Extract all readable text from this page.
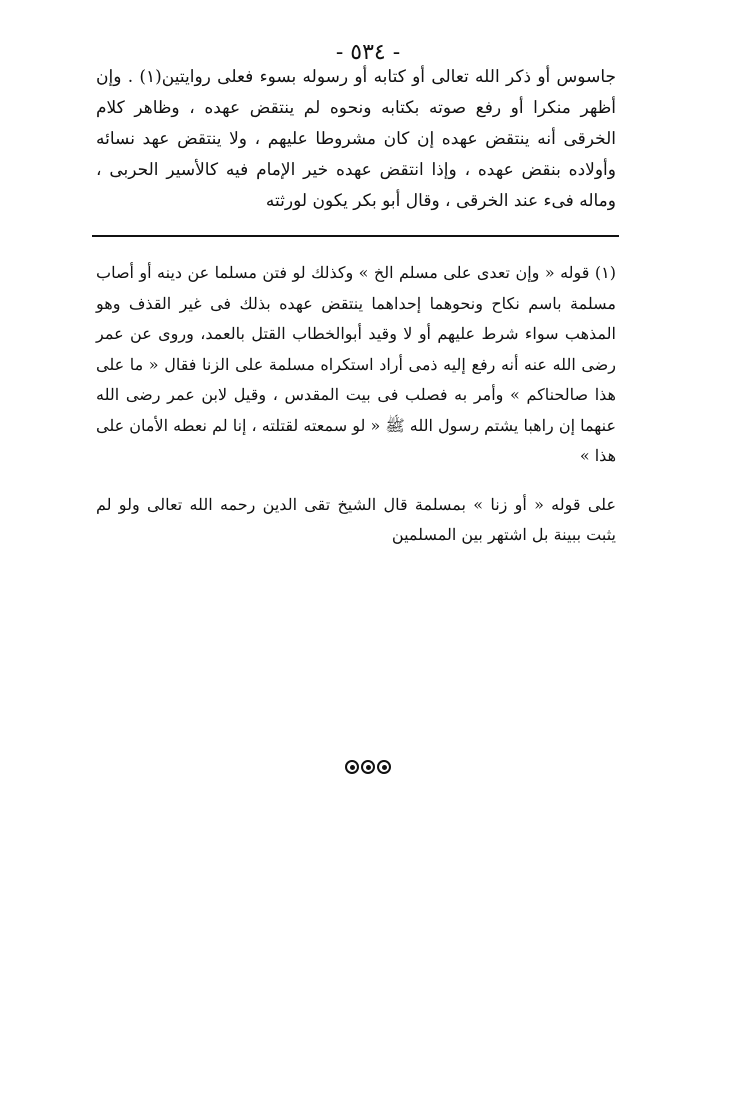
- ٥٣٤ -

جاسوس أو ذكر الله تعالى أو كتابه أو رسوله بسوء فعلى روايتين(١) . وإن أظهر منكرا أو رفع صوته بكتابه ونحوه لم ينتقض عهده ، وظاهر كلام الخرقى أنه ينتقض عهده إن كان مشروطا عليهم ، ولا ينتقض عهد نسائه وأولاده بنقض عهده ، وإذا انتقض عهده خير الإمام فيه كالأسير الحربى ، وماله فىء عند الخرقى ، وقال أبو بكر يكون لورثته

(١) قوله « وإن تعدى على مسلم الخ » وكذلك لو فتن مسلما عن دينه أو أصاب مسلمة باسم نكاح ونحوهما إحداهما ينتقض عهده بذلك فى غير القذف وهو المذهب سواء شرط عليهم أو لا وقيد أبوالخطاب القتل بالعمد، وروى عن عمر رضى الله عنه أنه رفع إليه ذمى أراد استكراه مسلمة على الزنا فقال « ما على هذا صالحناكم » وأمر به فصلب فى بيت المقدس ، وقيل لابن عمر رضى الله عنهما إن راهبا يشتم رسول الله ﷺ « لو سمعته لقتلته ، إنا لم نعطه الأمان على هذا »

على قوله « أو زنا » بمسلمة قال الشيخ تقى الدين رحمه الله تعالى ولو لم يثبت ببينة بل اشتهر بين المسلمين
